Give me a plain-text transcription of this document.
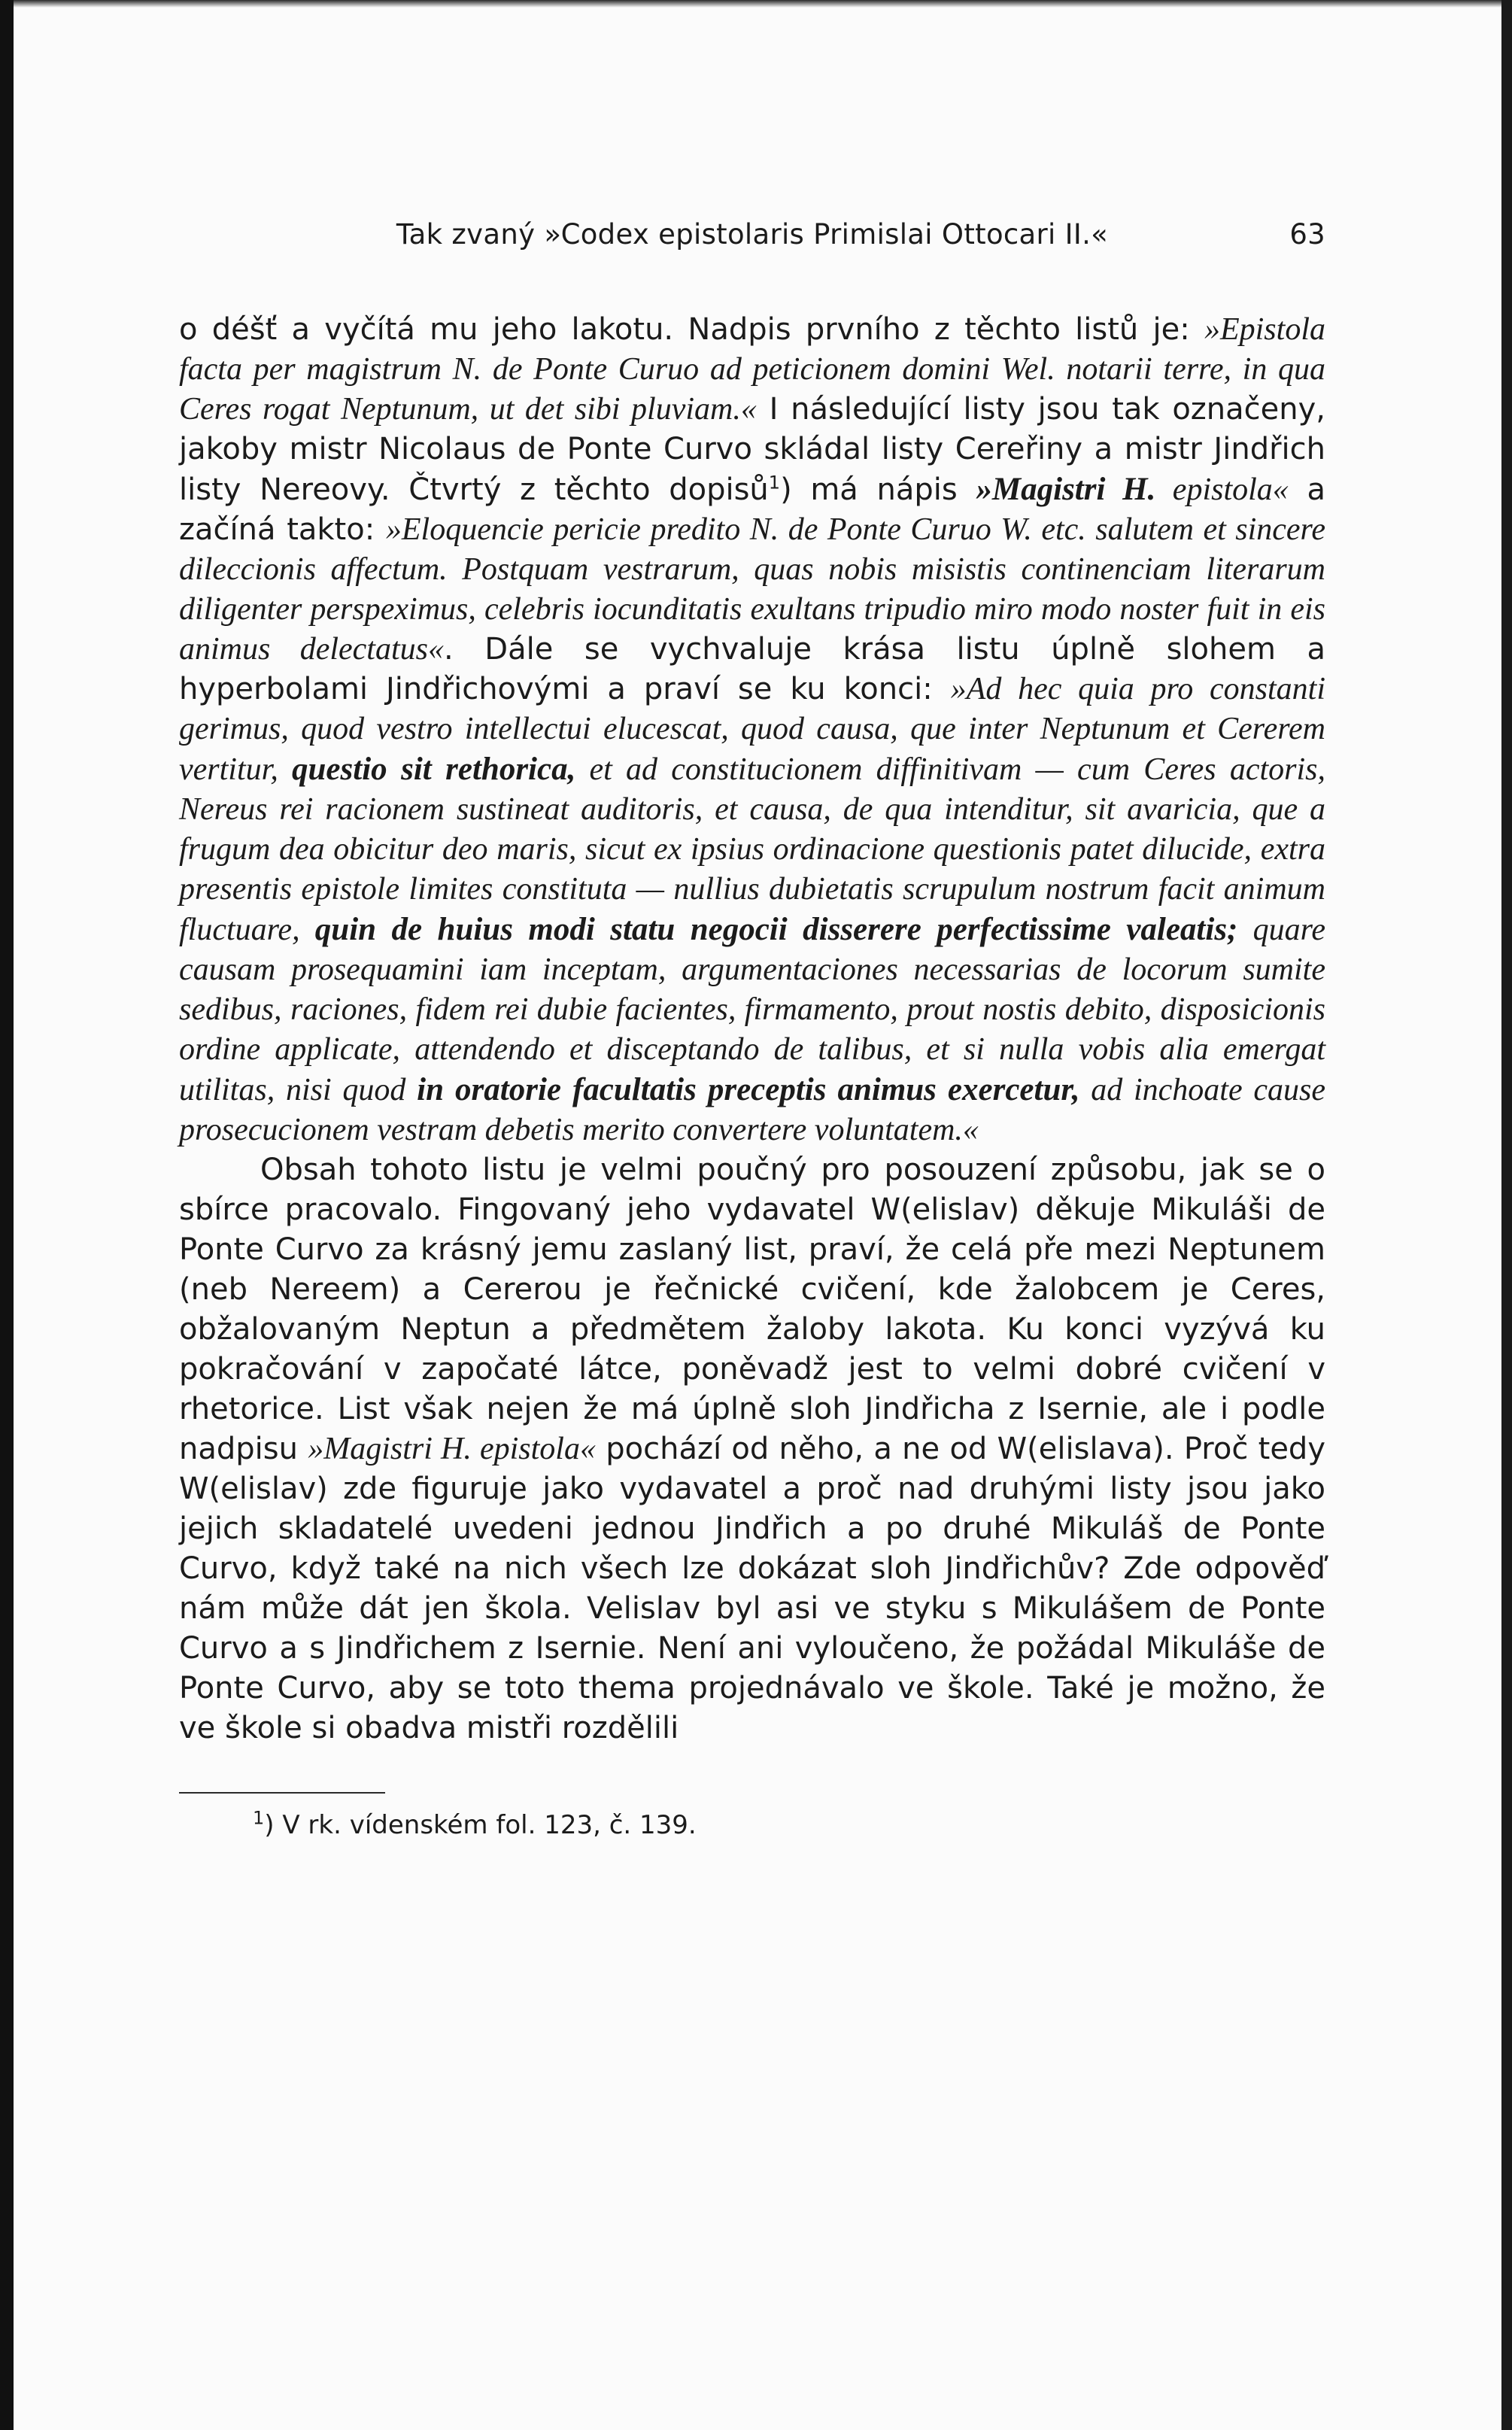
Tak zvaný »Codex epistolaris Primislai Ottocari II.«	63

o déšť a vyčítá mu jeho lakotu. Nadpis prvního z těchto listů je: »Epistola facta per magistrum N. de Ponte Curuo ad peticionem domini Wel. notarii terre, in qua Ceres rogat Neptunum, ut det sibi pluviam.« I následující listy jsou tak označeny, jakoby mistr Nicolaus de Ponte Curvo skládal listy Cereřiny a mistr Jindřich listy Nereovy. Čtvrtý z těchto dopisů$^1$) má nápis »Magistri H. epistola« a začíná takto: »Eloquencie pericie predito N. de Ponte Curuo W. etc. salutem et sincere dileccionis affectum. Postquam vestrarum, quas nobis misistis continenciam literarum diligenter perspeximus, celebris iocunditatis exultans tripudio miro modo noster fuit in eis animus delectatus«. Dále se vychvaluje krása listu úplně slohem a hyperbolami Jindřichovými a praví se ku konci: »Ad hec quia pro constanti gerimus, quod vestro intellectui elucescat, quod causa, que inter Neptunum et Cererem vertitur, questio sit rethorica, et ad constitucionem diffinitivam — cum Ceres actoris, Nereus rei racionem sustineat auditoris, et causa, de qua intenditur, sit avaricia, que a frugum dea obicitur deo maris, sicut ex ipsius ordinacione questionis patet dilucide, extra presentis epistole limites constituta — nullius dubietatis scrupulum nostrum facit animum fluctuare, quin de huius modi statu negocii disserere perfectissime valeatis; quare causam prosequamini iam inceptam, argumentaciones necessarias de locorum sumite sedibus, raciones, fidem rei dubie facientes, firmamento, prout nostis debito, disposicionis ordine applicate, attendendo et disceptando de talibus, et si nulla vobis alia emergat utilitas, nisi quod in oratorie facultatis preceptis animus exercetur, ad inchoate cause prosecucionem vestram debetis merito convertere voluntatem.«

Obsah tohoto listu je velmi poučný pro posouzení způsobu, jak se o sbírce pracovalo. Fingovaný jeho vydavatel W(elislav) děkuje Mikuláši de Ponte Curvo za krásný jemu zaslaný list, praví, že celá pře mezi Neptunem (neb Nereem) a Cererou je řečnické cvičení, kde žalobcem je Ceres, obžalovaným Neptun a předmětem žaloby lakota. Ku konci vyzývá ku pokračování v započaté látce, poněvadž jest to velmi dobré cvičení v rhetorice. List však nejen že má úplně sloh Jindřicha z Isernie, ale i podle nadpisu »Magistri H. epistola« pochází od něho, a ne od W(elislava). Proč tedy W(elislav) zde figuruje jako vydavatel a proč nad druhými listy jsou jako jejich skladatelé uvedeni jednou Jindřich a po druhé Mikuláš de Ponte Curvo, když také na nich všech lze dokázat sloh Jindřichův? Zde odpověď nám může dát jen škola. Velislav byl asi ve styku s Mikulášem de Ponte Curvo a s Jindřichem z Isernie. Není ani vyloučeno, že požádal Mikuláše de Ponte Curvo, aby se toto thema projednávalo ve škole. Také je možno, že ve škole si obadva mistři rozdělili

$^1$) V rk. vídenském fol. 123, č. 139.
